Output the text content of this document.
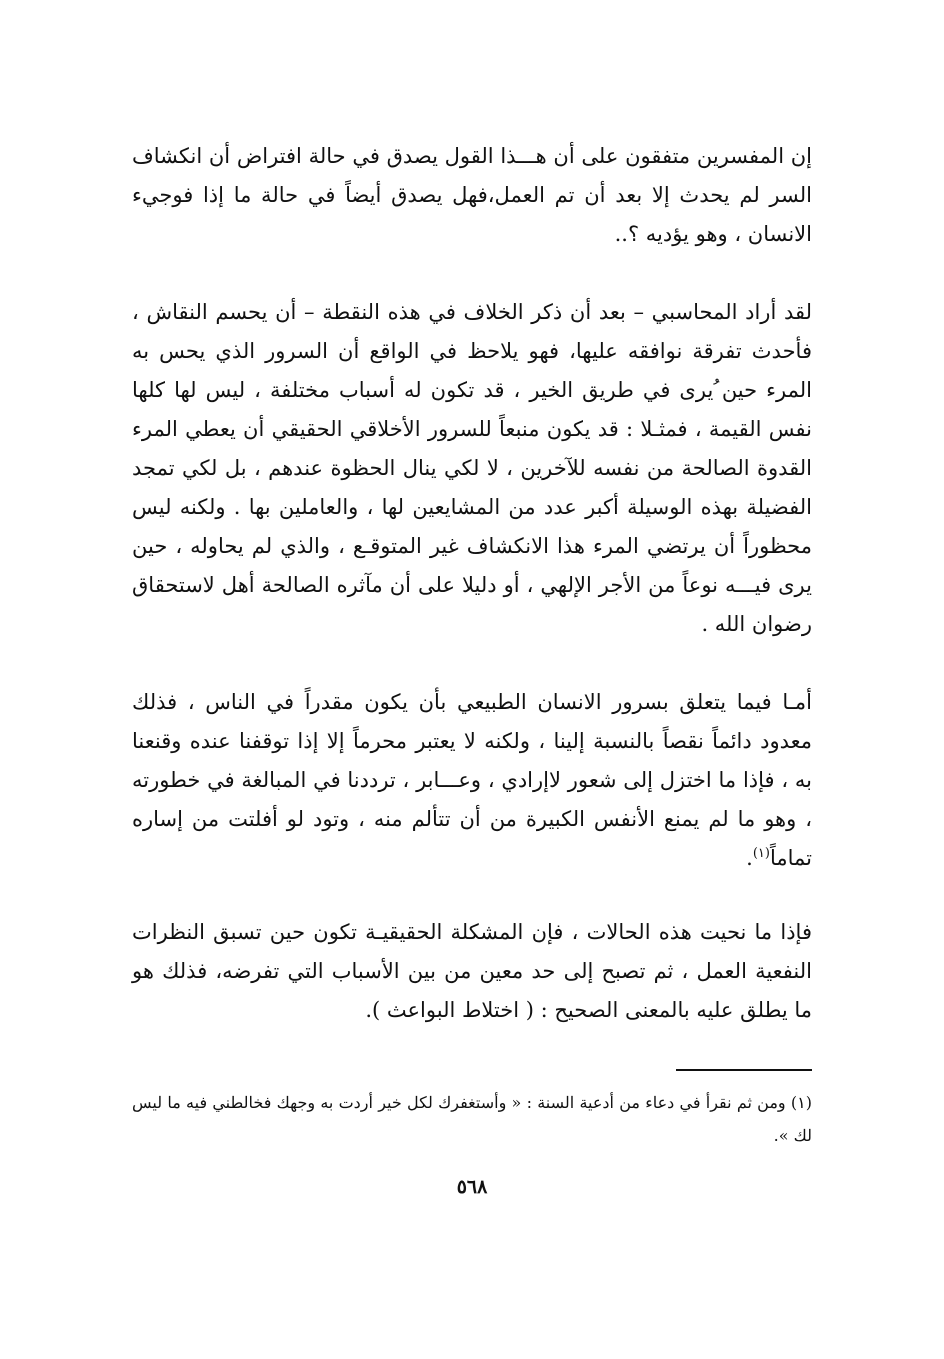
إن المفسرين متفقون على أن هـــذا القول يصدق في حالة افتراض أن انكشاف السر لم يحدث إلا بعد أن تم العمل،فهل يصدق أيضاً في حالة ما إذا فوجيء الانسان ، وهو يؤديه ؟..

لقد أراد المحاسبي – بعد أن ذكر الخلاف في هذه النقطة – أن يحسم النقاش ، فأحدث تفرقة نوافقه عليها، فهو يلاحظ في الواقع أن السرور الذي يحس به المرء حين ُيرى في طريق الخير ، قد تكون له أسباب مختلفة ، ليس لها كلها نفس القيمة ، فمثـلا : قد يكون منبعاً للسرور الأخلاقي الحقيقي أن يعطي المرء القدوة الصالحة من نفسه للآخرين ، لا لكي ينال الحظوة عندهم ، بل لكي تمجد الفضيلة بهذه الوسيلة أكبر عدد من المشايعين لها ، والعاملين بها . ولكنه ليس محظوراً أن يرتضي المرء هذا الانكشاف غير المتوقـع ، والذي لم يحاوله ، حين يرى فيـــه نوعاً من الأجر الإلهي ، أو دليلا على أن مآثره الصالحة أهل لاستحقاق رضوان الله .

أمـا فيما يتعلق بسرور الانسان الطبيعي بأن يكون مقدراً في الناس ، فذلك معدود دائماً نقصاً بالنسبة إلينا ، ولكنه لا يعتبر محرماً إلا إذا توقفنا عنده وقنعنا به ، فإذا ما اختزل إلى شعور لاإرادي ، وعـــابر ، ترددنا في المبالغة في خطورته ، وهو ما لم يمنع الأنفس الكبيرة من أن تتألم منه ، وتود لو أفلتت من إساره تماماً$^{(١)}$.

فإذا ما نحيت هذه الحالات ، فإن المشكلة الحقيقيـة تكون حين تسبق النظرات النفعية العمل ، ثم تصبح إلى حد معين من بين الأسباب التي تفرضه، فذلك هو ما يطلق عليه بالمعنى الصحيح : ( اختلاط البواعث ).

(١) ومن ثم نقرأ في دعاء من أدعية السنة : « وأستغفرك لكل خير أردت به وجهك فخالطني فيه ما ليس لك ».

٥٦٨
